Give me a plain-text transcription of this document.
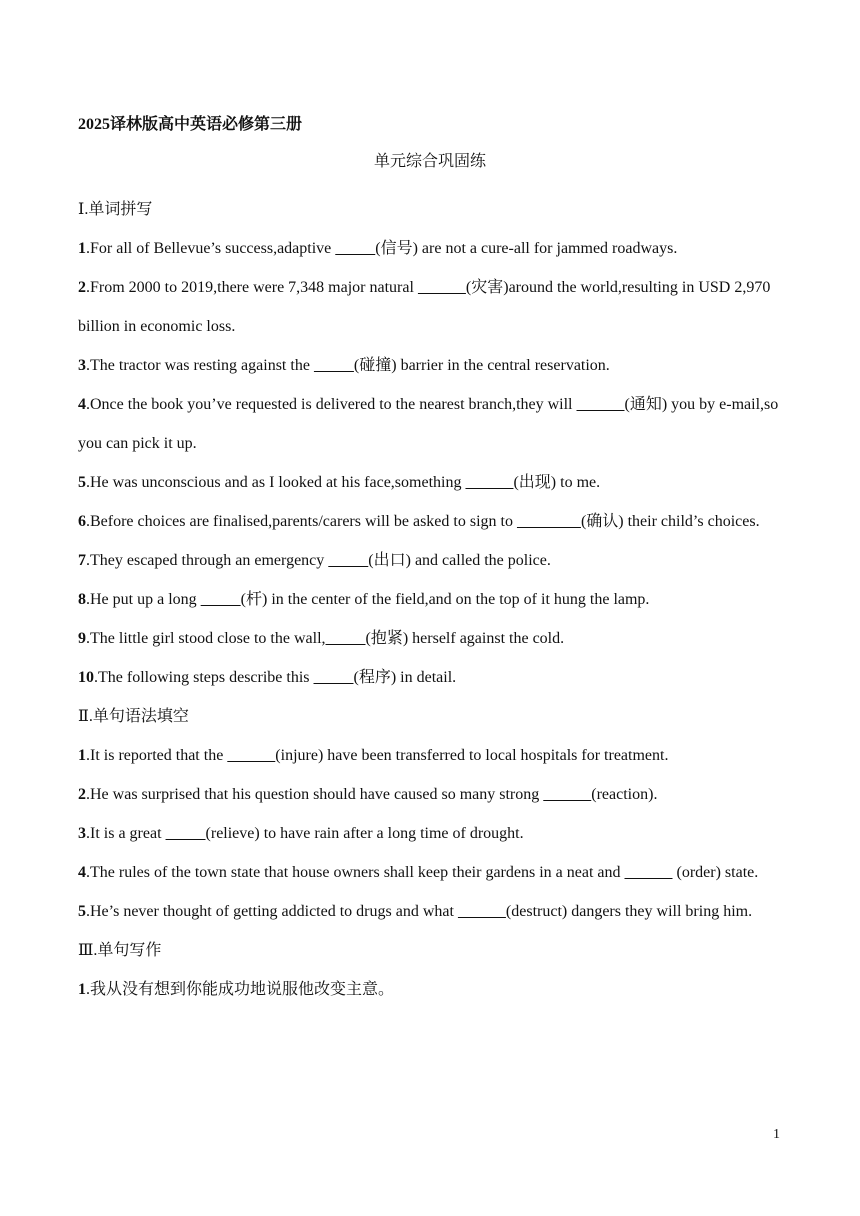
2025译林版高中英语必修第三册
单元综合巩固练
Ⅰ.单词拼写

1.For all of Bellevue’s success,adaptive	(信号) are not a cure-all for jammed roadways.

2.From 2000 to 2019,there were 7,348 major natural	(灾害)around the world,resulting in USD 2,970 billion in economic loss.

3.The tractor was resting against the	(碰撞) barrier in the central reservation.

4.Once the book you’ve requested is delivered to the nearest branch,they will	(通知) you by e-mail,so you can pick it up.

5.He was unconscious and as I looked at his face,something	(出现) to me.

6.Before choices are finalised,parents/carers will be asked to sign to	(确认) their child’s choices.

7.They escaped through an emergency	(出口) and called the police.

8.He put up a long	(杆) in the center of the field,and on the top of it hung the lamp.

9.The little girl stood close to the wall,	(抱紧) herself against the cold.

10.The following steps describe this	(程序) in detail.

Ⅱ.单句语法填空

1.It is reported that the	(injure) have been transferred to local hospitals for treatment.

2.He was surprised that his question should have caused so many strong	(reaction).

3.It is a great	(relieve) to have rain after a long time of drought.

4.The rules of the town state that house owners shall keep their gardens in a neat and	(order) state.

5.He’s never thought of getting addicted to drugs and what	(destruct) dangers they will bring him.

Ⅲ.单句写作

1.我从没有想到你能成功地说服他改变主意。

1
